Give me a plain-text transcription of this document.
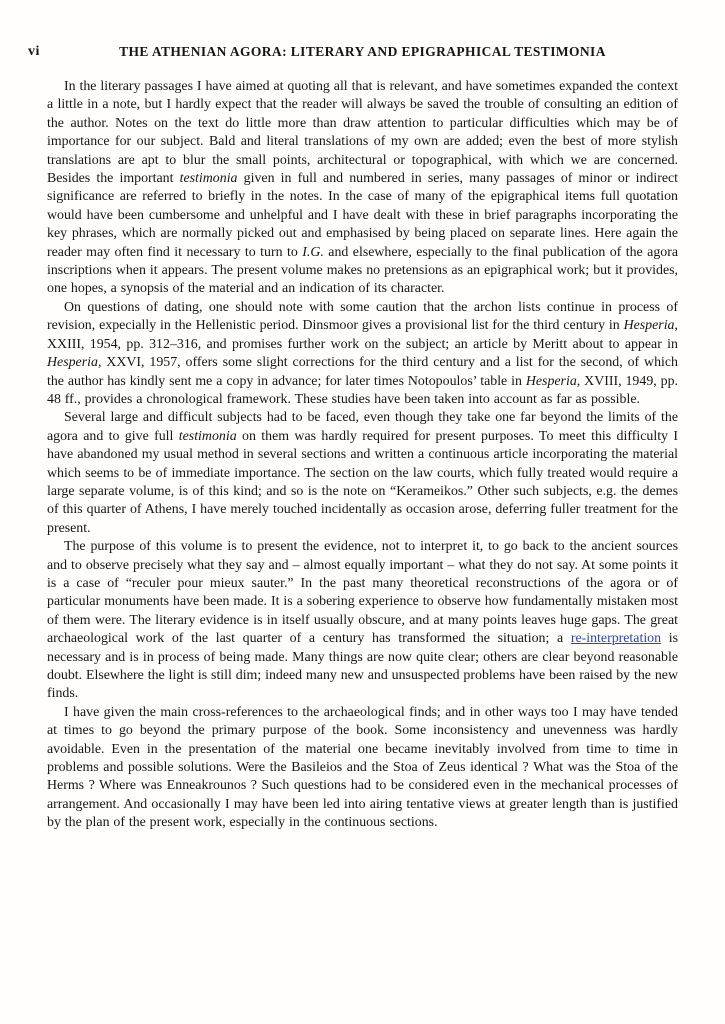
vi	THE ATHENIAN AGORA: LITERARY AND EPIGRAPHICAL TESTIMONIA

In the literary passages I have aimed at quoting all that is relevant, and have sometimes expanded the context a little in a note, but I hardly expect that the reader will always be saved the trouble of consulting an edition of the author. Notes on the text do little more than draw attention to particular difficulties which may be of importance for our subject. Bald and literal translations of my own are added; even the best of more stylish translations are apt to blur the small points, architectural or topographical, with which we are concerned. Besides the important testimonia given in full and numbered in series, many passages of minor or indirect significance are referred to briefly in the notes. In the case of many of the epigraphical items full quotation would have been cumbersome and unhelpful and I have dealt with these in brief paragraphs incorporating the key phrases, which are normally picked out and emphasised by being placed on separate lines. Here again the reader may often find it necessary to turn to I.G. and elsewhere, especially to the final publication of the agora inscriptions when it appears. The present volume makes no pretensions as an epigraphical work; but it provides, one hopes, a synopsis of the material and an indication of its character.

On questions of dating, one should note with some caution that the archon lists continue in process of revision, expecially in the Hellenistic period. Dinsmoor gives a provisional list for the third century in Hesperia, XXIII, 1954, pp. 312–316, and promises further work on the subject; an article by Meritt about to appear in Hesperia, XXVI, 1957, offers some slight corrections for the third century and a list for the second, of which the author has kindly sent me a copy in advance; for later times Notopoulos’ table in Hesperia, XVIII, 1949, pp. 48 ff., provides a chronological framework. These studies have been taken into account as far as possible.

Several large and difficult subjects had to be faced, even though they take one far beyond the limits of the agora and to give full testimonia on them was hardly required for present purposes. To meet this difficulty I have abandoned my usual method in several sections and written a continuous article incorporating the material which seems to be of immediate importance. The section on the law courts, which fully treated would require a large separate volume, is of this kind; and so is the note on “Kerameikos.” Other such subjects, e.g. the demes of this quarter of Athens, I have merely touched incidentally as occasion arose, deferring fuller treatment for the present.

The purpose of this volume is to present the evidence, not to interpret it, to go back to the ancient sources and to observe precisely what they say and – almost equally important – what they do not say. At some points it is a case of “reculer pour mieux sauter.” In the past many theoretical reconstructions of the agora or of particular monuments have been made. It is a sobering experience to observe how fundamentally mistaken most of them were. The literary evidence is in itself usually obscure, and at many points leaves huge gaps. The great archaeological work of the last quarter of a century has transformed the situation; a re-interpretation is necessary and is in process of being made. Many things are now quite clear; others are clear beyond reasonable doubt. Elsewhere the light is still dim; indeed many new and unsuspected problems have been raised by the new finds.

I have given the main cross-references to the archaeological finds; and in other ways too I may have tended at times to go beyond the primary purpose of the book. Some inconsistency and unevenness was hardly avoidable. Even in the presentation of the material one became inevitably involved from time to time in problems and possible solutions. Were the Basileios and the Stoa of Zeus identical ? What was the Stoa of the Herms ? Where was Enneakrounos ? Such questions had to be considered even in the mechanical processes of arrangement. And occasionally I may have been led into airing tentative views at greater length than is justified by the plan of the present work, especially in the continuous sections.
